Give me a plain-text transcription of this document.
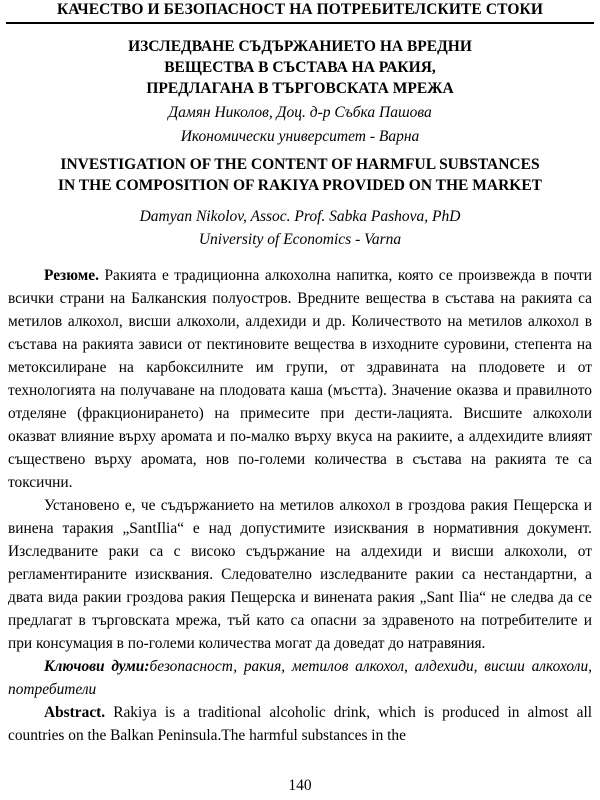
КАЧЕСТВО И БЕЗОПАСНОСТ НА ПОТРЕБИТЕЛСКИТЕ СТОКИ
ИЗСЛЕДВАНЕ СЪДЪРЖАНИЕТО НА ВРЕДНИ
ВЕЩЕСТВА В СЪСТАВА НА РАКИЯ,
ПРЕДЛАГАНА В ТЪРГОВСКАТА МРЕЖА
Дамян Николов, Доц. д-р Събка Пашова
Икономически университет - Варна
INVESTIGATION OF THE CONTENT OF HARMFUL SUBSTANCES
IN THE COMPOSITION OF RAKIYA PROVIDED ON THE MARKET
Damyan Nikolov, Assoc. Prof. Sabka Pashova, PhD
University of Economics - Varna

Резюме. Ракията е традиционна алкохолна напитка, която се произвежда в почти всички страни на Балканския полуостров. Вредните вещества в състава на ракията са метилов алкохол, висши алкохоли, алдехиди и др. Количеството на метилов алкохол в състава на ракията зависи от пектиновите вещества в изходните суровини, степента на метоксилиране на карбоксилните им групи, от здравината на плодовете и от технологията на получаване на плодовата каша (мъстта). Значение оказва и правилното отделяне (фракционирането) на примесите при дести-лацията. Висшите алкохоли оказват влияние върху аромата и по-малко върху вкуса на ракиите, а алдехидите влияят съществено върху аромата, нов по-големи количества в състава на ракията те са токсични.

Установено е, че съдържанието на метилов алкохол в гроздова ракия Пещерска и винена таракия „SantIlia“ е над допустимите изисквания в нормативния документ. Изследваните раки са с високо съдържание на алдехиди и висши алкохоли, от регламентираните изисквания. Следователно изследваните ракии са нестандартни, а двата вида ракии гроздова ракия Пещерска и винената ракия „Sant Ilia“ не следва да се предлагат в търговската мрежа, тъй като са опасни за здравеното на потребителите и при консумация в по-големи количества могат да доведат до натравяния.

Ключови думи:безопасност, ракия, метилов алкохол, алдехиди, висши алкохоли, потребители

Abstract. Rakiya is a traditional alcoholic drink, which is produced in almost all countries on the Balkan Peninsula.The harmful substances in the

140
